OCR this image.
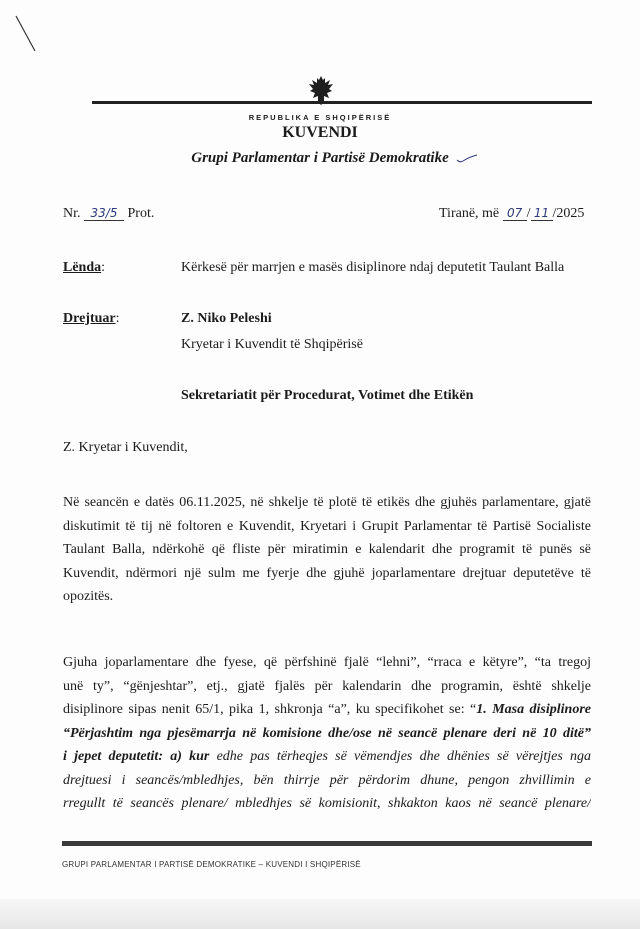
REPUBLIKA E SHQIPËRISË
KUVENDI
Grupi Parlamentar i Partisë Demokratike
Nr. 33/5 Prot.	Tiranë, më 07 / 11 /2025
Lënda:	Kërkesë për marrjen e masës disiplinore ndaj deputetit Taulant Balla
Drejtuar:	Z. Niko Peleshi
Kryetar i Kuvendit të Shqipërisë
Sekretariatit për Procedurat, Votimet dhe Etikën
Z. Kryetar i Kuvendit,
Në seancën e datës 06.11.2025, në shkelje të plotë të etikës dhe gjuhës parlamentare, gjatë
diskutimit të tij në foltoren e Kuvendit, Kryetari i Grupit Parlamentar të Partisë Socialiste
Taulant Balla, ndërkohë që fliste për miratimin e kalendarit dhe programit të punës së
Kuvendit, ndërmori një sulm me fyerje dhe gjuhë joparlamentare drejtuar deputetëve të
opozitës.
Gjuha joparlamentare dhe fyese, që përfshinë fjalë “lehni”, “rraca e këtyre”, “ta tregoj
unë ty”, “gënjeshtar”, etj., gjatë fjalës për kalendarin dhe programin, është shkelje
disiplinore sipas nenit 65/1, pika 1, shkronja “a”, ku specifikohet se: “1. Masa disiplinore
“Përjashtim nga pjesëmarrja në komisione dhe/ose në seancë plenare deri në 10 ditë”
i jepet deputetit: a) kur edhe pas tërheqjes së vëmendjes dhe dhënies së vërejtjes nga
drejtuesi i seancës/mbledhjes, bën thirrje për përdorim dhune, pengon zhvillimin e
rregullt të seancës plenare/ mbledhjes së komisionit, shkakton kaos në seancë plenare/
GRUPI PARLAMENTAR I PARTISË DEMOKRATIKE – KUVENDI I SHQIPËRISË
